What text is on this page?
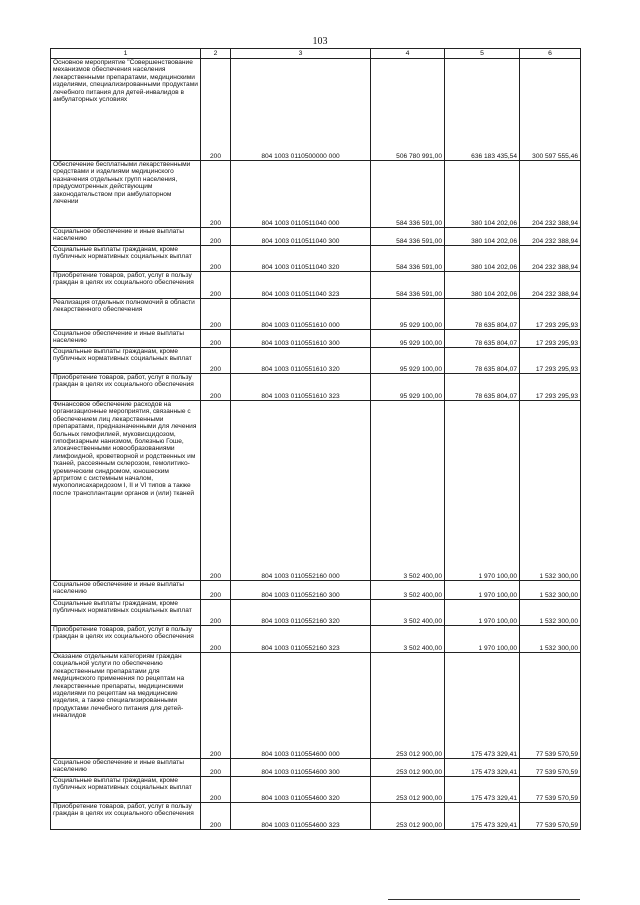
103
1	2	3	4	5	6
Основное мероприятие "Совершенствование механизмов обеспечения населения лекарственными препаратами, медицинскими изделиями, специализированными продуктами лечебного питания для детей-инвалидов в амбулаторных условиях	200	804 1003 0110500000 000	506 780 991,00	636 183 435,54	300 597 555,46
Обеспечение бесплатными лекарственными средствами и изделиями медицинского назначения отдельных групп населения, предусмотренных действующим законодательством при амбулаторном лечении	200	804 1003 0110511040 000	584 336 591,00	380 104 202,06	204 232 388,94
Социальное обеспечение и иные выплаты населению	200	804 1003 0110511040 300	584 336 591,00	380 104 202,06	204 232 388,94
Социальные выплаты гражданам, кроме публичных нормативных социальных выплат	200	804 1003 0110511040 320	584 336 591,00	380 104 202,06	204 232 388,94
Приобретение товаров, работ, услуг в пользу граждан в целях их социального обеспечения	200	804 1003 0110511040 323	584 336 591,00	380 104 202,06	204 232 388,94
Реализация отдельных полномочий в области лекарственного обеспечения	200	804 1003 0110551610 000	95 929 100,00	78 635 804,07	17 293 295,93
Социальное обеспечение и иные выплаты населению	200	804 1003 0110551610 300	95 929 100,00	78 635 804,07	17 293 295,93
Социальные выплаты гражданам, кроме публичных нормативных социальных выплат	200	804 1003 0110551610 320	95 929 100,00	78 635 804,07	17 293 295,93
Приобретение товаров, работ, услуг в пользу граждан в целях их социального обеспечения	200	804 1003 0110551610 323	95 929 100,00	78 635 804,07	17 293 295,93
Финансовое обеспечение расходов на организационные мероприятия, связанные с обеспечением лиц лекарственными препаратами, предназначенными для лечения больных гемофилией, муковисцидозом, гипофизарным нанизмом, болезнью Гоше, злокачественными новообразованиями лимфоидной, кроветворной и родственных им тканей, рассеянным склерозом, гемолитико-уремическим синдромом, юношеским артритом с системным началом, мукополисахаридозом I, II и VI типов а также после трансплантации органов и (или) тканей	200	804 1003 0110552160 000	3 502 400,00	1 970 100,00	1 532 300,00
Социальное обеспечение и иные выплаты населению	200	804 1003 0110552160 300	3 502 400,00	1 970 100,00	1 532 300,00
Социальные выплаты гражданам, кроме публичных нормативных социальных выплат	200	804 1003 0110552160 320	3 502 400,00	1 970 100,00	1 532 300,00
Приобретение товаров, работ, услуг в пользу граждан в целях их социального обеспечения	200	804 1003 0110552160 323	3 502 400,00	1 970 100,00	1 532 300,00
Оказание отдельным категориям граждан социальной услуги по обеспечению лекарственными препаратами для медицинского применения по рецептам на лекарственные препараты, медицинскими изделиями по рецептам на медицинские изделия, а также специализированными продуктами лечебного питания для детей-инвалидов	200	804 1003 0110554600 000	253 012 900,00	175 473 329,41	77 539 570,59
Социальное обеспечение и иные выплаты населению	200	804 1003 0110554600 300	253 012 900,00	175 473 329,41	77 539 570,59
Социальные выплаты гражданам, кроме публичных нормативных социальных выплат	200	804 1003 0110554600 320	253 012 900,00	175 473 329,41	77 539 570,59
Приобретение товаров, работ, услуг в пользу граждан в целях их социального обеспечения	200	804 1003 0110554600 323	253 012 900,00	175 473 329,41	77 539 570,59
